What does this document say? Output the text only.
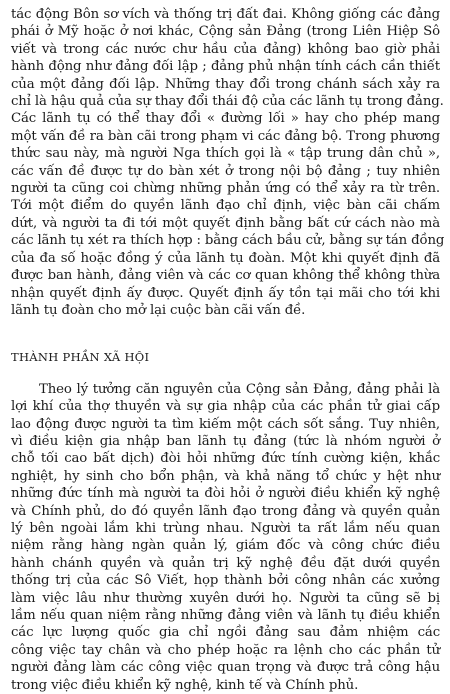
tác động Bôn sơ vích và thống trị đất đai. Không giống các đảng
phái ở Mỹ hoặc ở nơi khác, Cộng sản Đảng (trong Liên Hiệp Sô
viết và trong các nước chư hầu của đảng) không bao giờ phải
hành động như đảng đối lập ; đảng phủ nhận tính cách cần thiết
của một đảng đối lập. Những thay đổi trong chánh sách xảy ra
chỉ là hậu quả của sự thay đổi thái độ của các lãnh tụ trong đảng.
Các lãnh tụ có thể thay đổi « đường lối » hay cho phép mang
một vấn đề ra bàn cãi trong phạm vi các đảng bộ. Trong phương
thức sau này, mà người Nga thích gọi là « tập trung dân chủ »,
các vấn đề được tự do bàn xét ở trong nội bộ đảng ; tuy nhiên
người ta cũng coi chừng những phản ứng có thể xảy ra từ trên.
Tới một điểm do quyền lãnh đạo chỉ định, việc bàn cãi chấm
dứt, và người ta đi tới một quyết định bằng bất cứ cách nào mà
các lãnh tụ xét ra thích hợp : bằng cách bầu cử, bằng sự tán đồng
của đa số hoặc đồng ý của lãnh tụ đoàn. Một khi quyết định đã
được ban hành, đảng viên và các cơ quan không thể không thừa
nhận quyết định ấy được. Quyết định ấy tồn tại mãi cho tới khi
lãnh tụ đoàn cho mở lại cuộc bàn cãi vấn đề.
THÀNH PHẦN XÃ HỘI
Theo lý tưởng căn nguyên của Cộng sản Đảng, đảng phải là
lợi khí của thợ thuyền và sự gia nhập của các phần tử giai cấp
lao động được người ta tìm kiếm một cách sốt sắng. Tuy nhiên,
vì điều kiện gia nhập ban lãnh tụ đảng (tức là nhóm người ở
chỗ tối cao bất dịch) đòi hỏi những đức tính cường kiện, khắc
nghiệt, hy sinh cho bổn phận, và khả năng tổ chức y hệt như
những đức tính mà người ta đòi hỏi ở người điều khiển kỹ nghệ
và Chính phủ, do đó quyền lãnh đạo trong đảng và quyền quản
lý bên ngoài lắm khi trùng nhau. Người ta rất lắm nếu quan
niệm rằng hàng ngàn quản lý, giám đốc và công chức điều
hành chánh quyền và quản trị kỹ nghệ đều đặt dưới quyền
thống trị của các Sô Viết, họp thành bởi công nhân các xưởng
làm việc lâu như thường xuyên dưới họ. Người ta cũng sẽ bị
lầm nếu quan niệm rằng những đảng viên và lãnh tụ điều khiển
các lực lượng quốc gia chỉ ngồi đảng sau đảm nhiệm các
công việc tay chân và cho phép hoặc ra lệnh cho các phần tử
người đảng làm các công việc quan trọng và được trả công hậu
trong việc điều khiển kỹ nghệ, kinh tế và Chính phủ.
